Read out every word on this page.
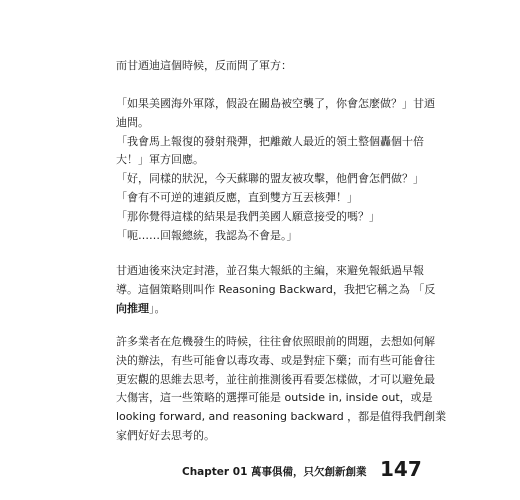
而甘迺迪這個時候，反而問了軍方：

「如果美國海外軍隊，假設在關島被空襲了，你會怎麼做？」甘迺
迪問。
「我會馬上報復的發射飛彈，把離敵人最近的領土整個轟個十倍
大！」軍方回應。
「好，同樣的狀況，今天蘇聯的盟友被攻擊，他們會怎們做？」
「會有不可逆的連鎖反應，直到雙方互丟核彈！」
「那你覺得這樣的結果是我們美國人願意接受的嗎？」
「呃……回報總統，我認為不會是。」
甘迺迪後來決定封港，並召集大報紙的主編，來避免報紙過早報
導。這個策略則叫作 Reasoning Backward，我把它稱之為 「反
向推理」。
許多業者在危機發生的時候，往往會依照眼前的問題，去想如何解
決的辦法，有些可能會以毒攻毒、或是對症下藥；而有些可能會往
更宏觀的思維去思考，並往前推測後再看要怎樣做，才可以避免最
大傷害，這一些策略的選擇可能是 outside in, inside out，或是
looking forward, and reasoning backward ，都是值得我們創業
家們好好去思考的。
Chapter 01 萬事俱備，只欠創新創業 147
